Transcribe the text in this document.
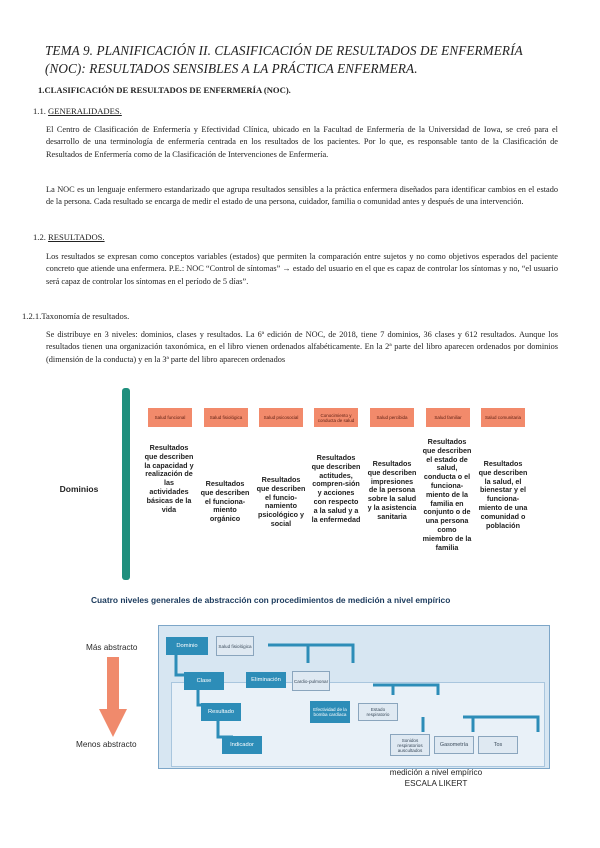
TEMA 9. PLANIFICACIÓN II. CLASIFICACIÓN DE RESULTADOS DE ENFERMERÍA (NOC): RESULTADOS SENSIBLES A LA PRÁCTICA ENFERMERA.
1.CLASIFICACIÓN DE RESULTADOS DE ENFERMERÍA (NOC).
1.1. GENERALIDADES.
El Centro de Clasificación de Enfermería y Efectividad Clínica, ubicado en la Facultad de Enfermería de la Universidad de Iowa, se creó para el desarrollo de una terminología de enfermería centrada en los resultados de los pacientes. Por lo que, es responsable tanto de la Clasificación de Resultados de Enfermería como de la Clasificación de Intervenciones de Enfermería.
La NOC es un lenguaje enfermero estandarizado que agrupa resultados sensibles a la práctica enfermera diseñados para identificar cambios en el estado de la persona. Cada resultado se encarga de medir el estado de una persona, cuidador, familia o comunidad antes y después de una intervención.
1.2. RESULTADOS.
Los resultados se expresan como conceptos variables (estados) que permiten la comparación entre sujetos y no como objetivos esperados del paciente concreto que atiende una enfermera. P.E.: NOC “Control de síntomas” → estado del usuario en el que es capaz de controlar los síntomas y no, “el usuario será capaz de controlar los síntomas en el período de 5 días”.
1.2.1.Taxonomía de resultados.
Se distribuye en 3 niveles: dominios, clases y resultados. La 6ª edición de NOC, de 2018, tiene 7 dominios, 36 clases y 612 resultados. Aunque los resultados tienen una organización taxonómica, en el libro vienen ordenados alfabéticamente. En la 2ª parte del libro aparecen ordenados por dominios (dimensión de la conducta) y en la 3ª parte del libro aparecen ordenados
Dominios
Salud funcional
Resultados que describen la capacidad y realización de las actividades básicas de la vida
Salud fisiológica
Resultados que describen el funciona-miento orgánico
Salud psicosocial
Resultados que describen el funcio-namiento psicológico y social
Conocimiento y conducta de salud
Resultados que describen actitudes, compren-sión y acciones con respecto a la salud y a la enfermedad
Salud percibida
Resultados que describen impresiones de la persona sobre la salud y la asistencia sanitaria
Salud familiar
Resultados que describen el estado de salud, conducta o el funciona-miento de la familia en conjunto o de una persona como miembro de la familia
Salud comunitaria
Resultados que describen la salud, el bienestar y el funciona-miento de una comunidad o población
Cuatro niveles generales de abstracción con procedimientos de medición a nivel empírico
Más abstracto
Menos abstracto
Dominio	Salud fisiológica
Clase	Eliminación	Cardio-pulmonar
Resultado	Efectividad de la bomba cardíaca
Estado respiratorio
Indicador
Sonidos respiratorios auscultados
Gasometría	Tos
medición a nivel empírico
ESCALA LIKERT
